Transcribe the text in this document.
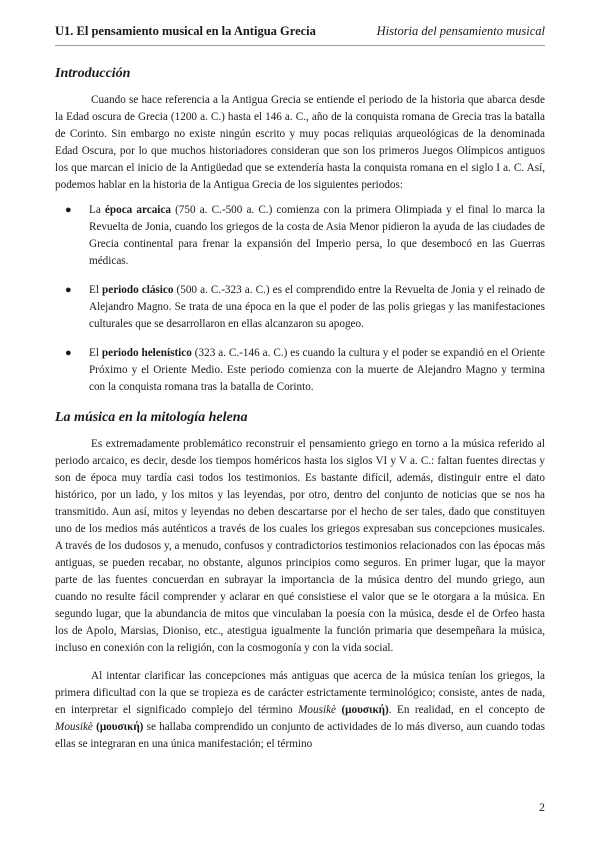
U1. El pensamiento musical en la Antigua Grecia	Historia del pensamiento musical
Introducción

Cuando se hace referencia a la Antigua Grecia se entiende el periodo de la historia que abarca desde la Edad oscura de Grecia (1200 a. C.) hasta el 146 a. C., año de la conquista romana de Grecia tras la batalla de Corinto. Sin embargo no existe ningún escrito y muy pocas reliquias arqueológicas de la denominada Edad Oscura, por lo que muchos historiadores consideran que son los primeros Juegos Olímpicos antiguos los que marcan el inicio de la Antigüedad que se extendería hasta la conquista romana en el siglo I a. C. Así, podemos hablar en la historia de la Antigua Grecia de los siguientes periodos:

● La época arcaica (750 a. C.-500 a. C.) comienza con la primera Olimpiada y el final lo marca la Revuelta de Jonia, cuando los griegos de la costa de Asia Menor pidieron la ayuda de las ciudades de Grecia continental para frenar la expansión del Imperio persa, lo que desembocó en las Guerras médicas.
● El periodo clásico (500 a. C.-323 a. C.) es el comprendido entre la Revuelta de Jonia y el reinado de Alejandro Magno. Se trata de una época en la que el poder de las polis griegas y las manifestaciones culturales que se desarrollaron en ellas alcanzaron su apogeo.
● El periodo helenístico (323 a. C.-146 a. C.) es cuando la cultura y el poder se expandió en el Oriente Próximo y el Oriente Medio. Este periodo comienza con la muerte de Alejandro Magno y termina con la conquista romana tras la batalla de Corinto.
La música en la mitología helena

Es extremadamente problemático reconstruir el pensamiento griego en torno a la música referido al periodo arcaico, es decir, desde los tiempos homéricos hasta los siglos VI y V a. C.: faltan fuentes directas y son de época muy tardía casi todos los testimonios. Es bastante difícil, además, distinguir entre el dato histórico, por un lado, y los mitos y las leyendas, por otro, dentro del conjunto de noticias que se nos ha transmitido. Aun así, mitos y leyendas no deben descartarse por el hecho de ser tales, dado que constituyen uno de los medios más auténticos a través de los cuales los griegos expresaban sus concepciones musicales. A través de los dudosos y, a menudo, confusos y contradictorios testimonios relacionados con las épocas más antiguas, se pueden recabar, no obstante, algunos principios como seguros. En primer lugar, que la mayor parte de las fuentes concuerdan en subrayar la importancia de la música dentro del mundo griego, aun cuando no resulte fácil comprender y aclarar en qué consistiese el valor que se le otorgara a la música. En segundo lugar, que la abundancia de mitos que vinculaban la poesía con la música, desde el de Orfeo hasta los de Apolo, Marsias, Dioniso, etc., atestigua igualmente la función primaria que desempeñara la música, incluso en conexión con la religión, con la cosmogonía y con la vida social.

Al intentar clarificar las concepciones más antiguas que acerca de la música tenían los griegos, la primera dificultad con la que se tropieza es de carácter estrictamente terminológico; consiste, antes de nada, en interpretar el significado complejo del término Mousikè (μουσική). En realidad, en el concepto de Mousikè (μουσική) se hallaba comprendido un conjunto de actividades de lo más diverso, aun cuando todas ellas se integraran en una única manifestación; el término

2
